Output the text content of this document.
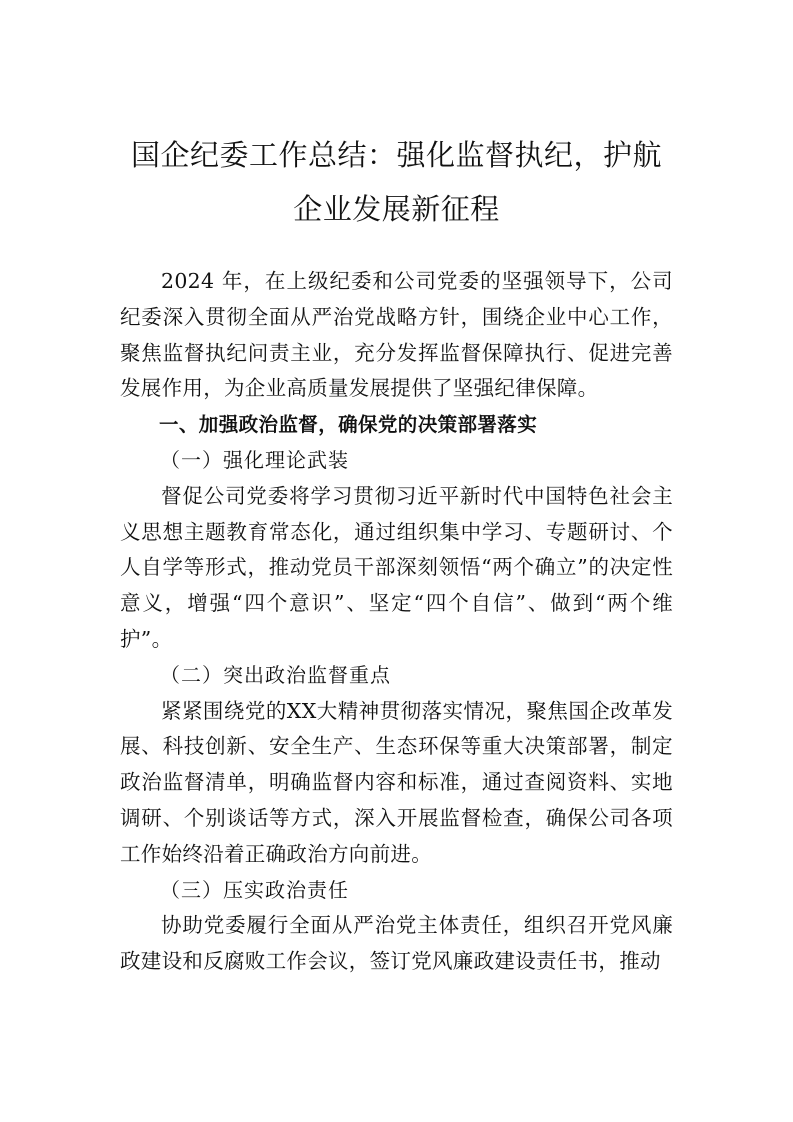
国企纪委工作总结：强化监督执纪，护航企业发展新征程

2024 年，在上级纪委和公司党委的坚强领导下，公司纪委深入贯彻全面从严治党战略方针，围绕企业中心工作，聚焦监督执纪问责主业，充分发挥监督保障执行、促进完善发展作用，为企业高质量发展提供了坚强纪律保障。

一、加强政治监督，确保党的决策部署落实

（一）强化理论武装

督促公司党委将学习贯彻习近平新时代中国特色社会主义思想主题教育常态化，通过组织集中学习、专题研讨、个人自学等形式，推动党员干部深刻领悟“两个确立”的决定性意义，增强“四个意识”、坚定“四个自信”、做到“两个维护”。

（二）突出政治监督重点

紧紧围绕党的XX大精神贯彻落实情况，聚焦国企改革发展、科技创新、安全生产、生态环保等重大决策部署，制定政治监督清单，明确监督内容和标准，通过查阅资料、实地调研、个别谈话等方式，深入开展监督检查，确保公司各项工作始终沿着正确政治方向前进。

（三）压实政治责任

协助党委履行全面从严治党主体责任，组织召开党风廉政建设和反腐败工作会议，签订党风廉政建设责任书，推动
